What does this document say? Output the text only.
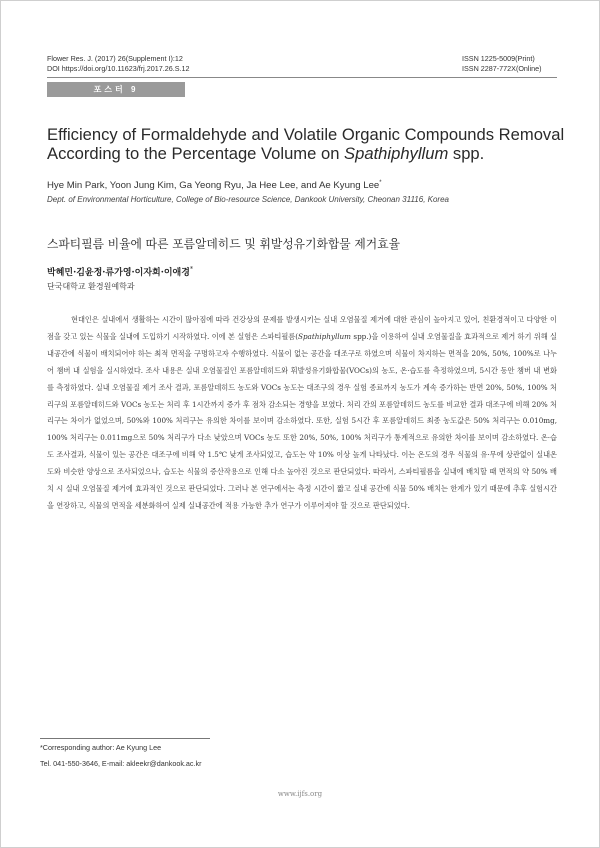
Flower Res. J. (2017) 26(Supplement I):12
DOI https://doi.org/10.11623/frj.2017.26.S.12
ISSN 1225-5009(Print)
ISSN 2287-772X(Online)
포스터 9
Efficiency of Formaldehyde and Volatile Organic Compounds Removal According to the Percentage Volume on Spathiphyllum spp.
Hye Min Park, Yoon Jung Kim, Ga Yeong Ryu, Ja Hee Lee, and Ae Kyung Lee*
Dept. of Environmental Horticulture, College of Bio-resource Science, Dankook University, Cheonan 31116, Korea
스파티필름 비율에 따른 포름알데히드 및 휘발성유기화합물 제거효율
박혜민·김윤정·류가영·이자희·이애경*
단국대학교 환경원예학과

현대인은 실내에서 생활하는 시간이 많아짐에 따라 건강상의 문제를 발생시키는 실내 오염물질 제거에 대한 관심이 높아지고 있어, 친환경적이고 다양한 이점을 갖고 있는 식물을 실내에 도입하기 시작하였다. 이에 본 실험은 스파티필름(Spathiphyllum spp.)을 이용하여 실내 오염물질을 효과적으로 제거 하기 위해 실내공간에 식물이 배치되어야 하는 최적 면적을 구명하고자 수행하였다. 식물이 없는 공간을 대조구로 하였으며 식물이 차지하는 면적을 20%, 50%, 100%로 나누어 챔버 내 실험을 실시하였다. 조사 내용은 실내 오염물질인 포름알데히드와 휘발성유기화합물(VOCs)의 농도, 온·습도를 측정하였으며, 5시간 동안 챔버 내 변화를 측정하였다. 실내 오염물질 제거 조사 결과, 포름알데히드 농도와 VOCs 농도는 대조구의 경우 실험 종료까지 농도가 계속 증가하는 반면 20%, 50%, 100% 처리구의 포름알데히드와 VOCs 농도는 처리 후 1시간까지 증가 후 점차 감소되는 경향을 보였다. 처리 간의 포름알데히드 농도를 비교한 결과 대조구에 비해 20% 처리구는 차이가 없었으며, 50%와 100% 처리구는 유의한 차이를 보이며 감소하였다. 또한, 실험 5시간 후 포름알데히드 최종 농도값은 50% 처리구는 0.010mg, 100% 처리구는 0.011mg으로 50% 처리구가 다소 낮았으며 VOCs 농도 또한 20%, 50%, 100% 처리구가 통계적으로 유의한 차이를 보이며 감소하였다. 온·습도 조사결과, 식물이 있는 공간은 대조구에 비해 약 1.5℃ 낮게 조사되었고, 습도는 약 10% 이상 높게 나타났다. 이는 온도의 경우 식물의 유·무에 상관없이 실내온도와 비슷한 양상으로 조사되었으나, 습도는 식물의 증산작용으로 인해 다소 높아진 것으로 판단되었다. 따라서, 스파티필름을 실내에 배치할 때 면적의 약 50% 배치 시 실내 오염물질 제거에 효과적인 것으로 판단되었다. 그러나 본 연구에서는 측정 시간이 짧고 실내 공간에 식물 50% 배치는 한계가 있기 때문에 추후 실험시간을 연장하고, 식물의 면적을 세분화하여 실제 실내공간에 적용 가능한 추가 연구가 이루어져야 할 것으로 판단되었다.

*Corresponding author: Ae Kyung Lee
Tel. 041-550-3646, E-mail: akleekr@dankook.ac.kr
www.ijfs.org
